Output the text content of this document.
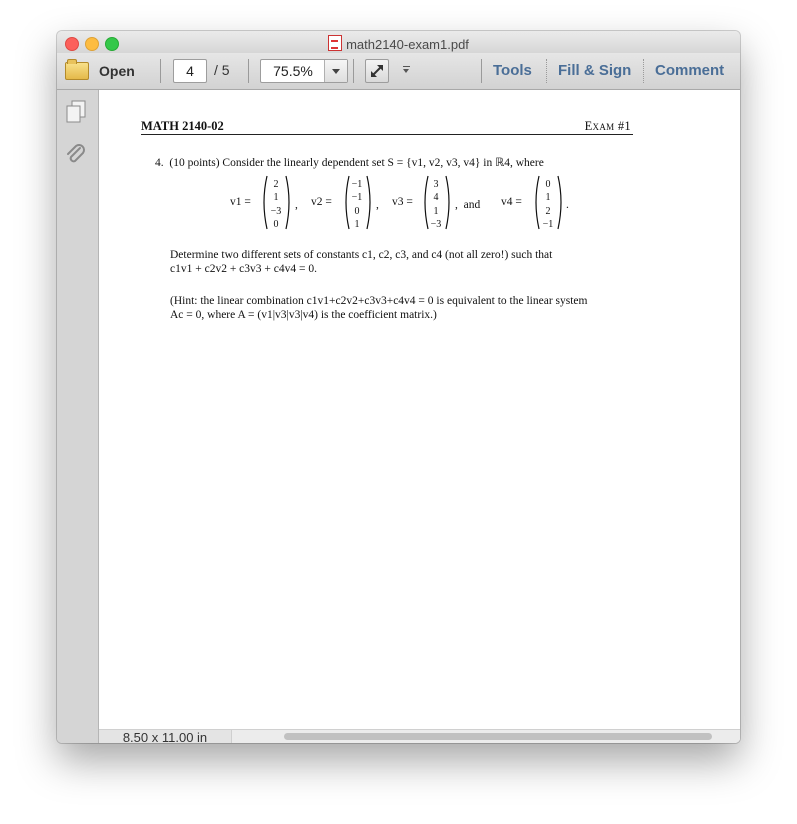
math2140-exam1.pdf
Open	4	/ 5	75.5%	Tools Fill & Sign Comment
MATH 2140-02	Exam #1
4. (10 points) Consider the linearly dependent set S = {v1, v2, v3, v4} in ℝ4, where
v1 =
2
1
−3
0
, v2 =
−1
−1
0
1
, v3 =
3
4
1
−3
,  and v4 =
0
1
2
−1
.
Determine two different sets of constants c1, c2, c3, and c4 (not all zero!) such that
c1v1 + c2v2 + c3v3 + c4v4 = 0.
(Hint: the linear combination c1v1+c2v2+c3v3+c4v4 = 0 is equivalent to the linear system
Ac = 0, where A = (v1|v3|v3|v4) is the coefficient matrix.)
8.50 x 11.00 in
